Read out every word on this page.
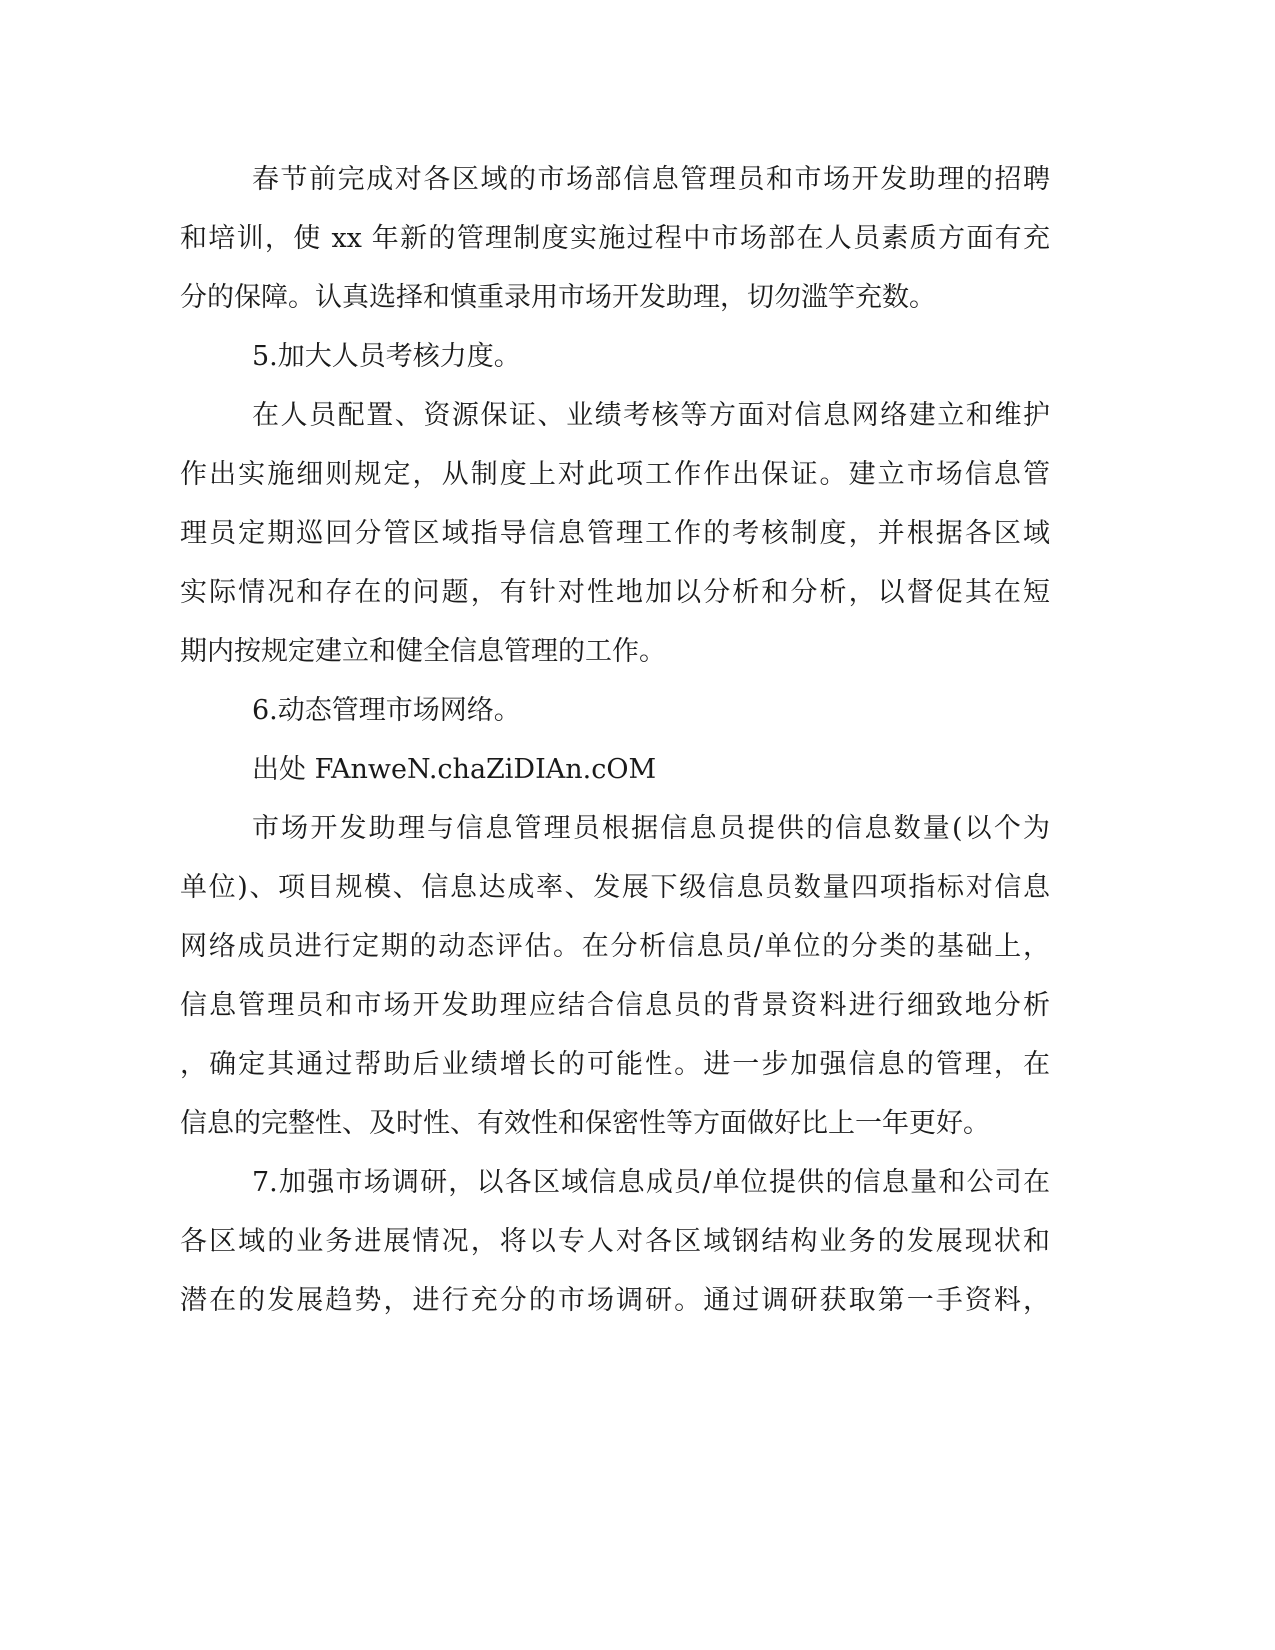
春节前完成对各区域的市场部信息管理员和市场开发助理的招聘
和培训，使 xx 年新的管理制度实施过程中市场部在人员素质方面有充
分的保障。认真选择和慎重录用市场开发助理，切勿滥竽充数。
5.加大人员考核力度。
在人员配置、资源保证、业绩考核等方面对信息网络建立和维护
作出实施细则规定，从制度上对此项工作作出保证。建立市场信息管
理员定期巡回分管区域指导信息管理工作的考核制度，并根据各区域
实际情况和存在的问题，有针对性地加以分析和分析，以督促其在短
期内按规定建立和健全信息管理的工作。
6.动态管理市场网络。
出处 FAnweN.chaZiDIAn.cOM
市场开发助理与信息管理员根据信息员提供的信息数量(以个为
单位)、项目规模、信息达成率、发展下级信息员数量四项指标对信息
网络成员进行定期的动态评估。在分析信息员/单位的分类的基础上，
信息管理员和市场开发助理应结合信息员的背景资料进行细致地分析
，确定其通过帮助后业绩增长的可能性。进一步加强信息的管理，在
信息的完整性、及时性、有效性和保密性等方面做好比上一年更好。
7.加强市场调研，以各区域信息成员/单位提供的信息量和公司在
各区域的业务进展情况，将以专人对各区域钢结构业务的发展现状和
潜在的发展趋势，进行充分的市场调研。通过调研获取第一手资料，
